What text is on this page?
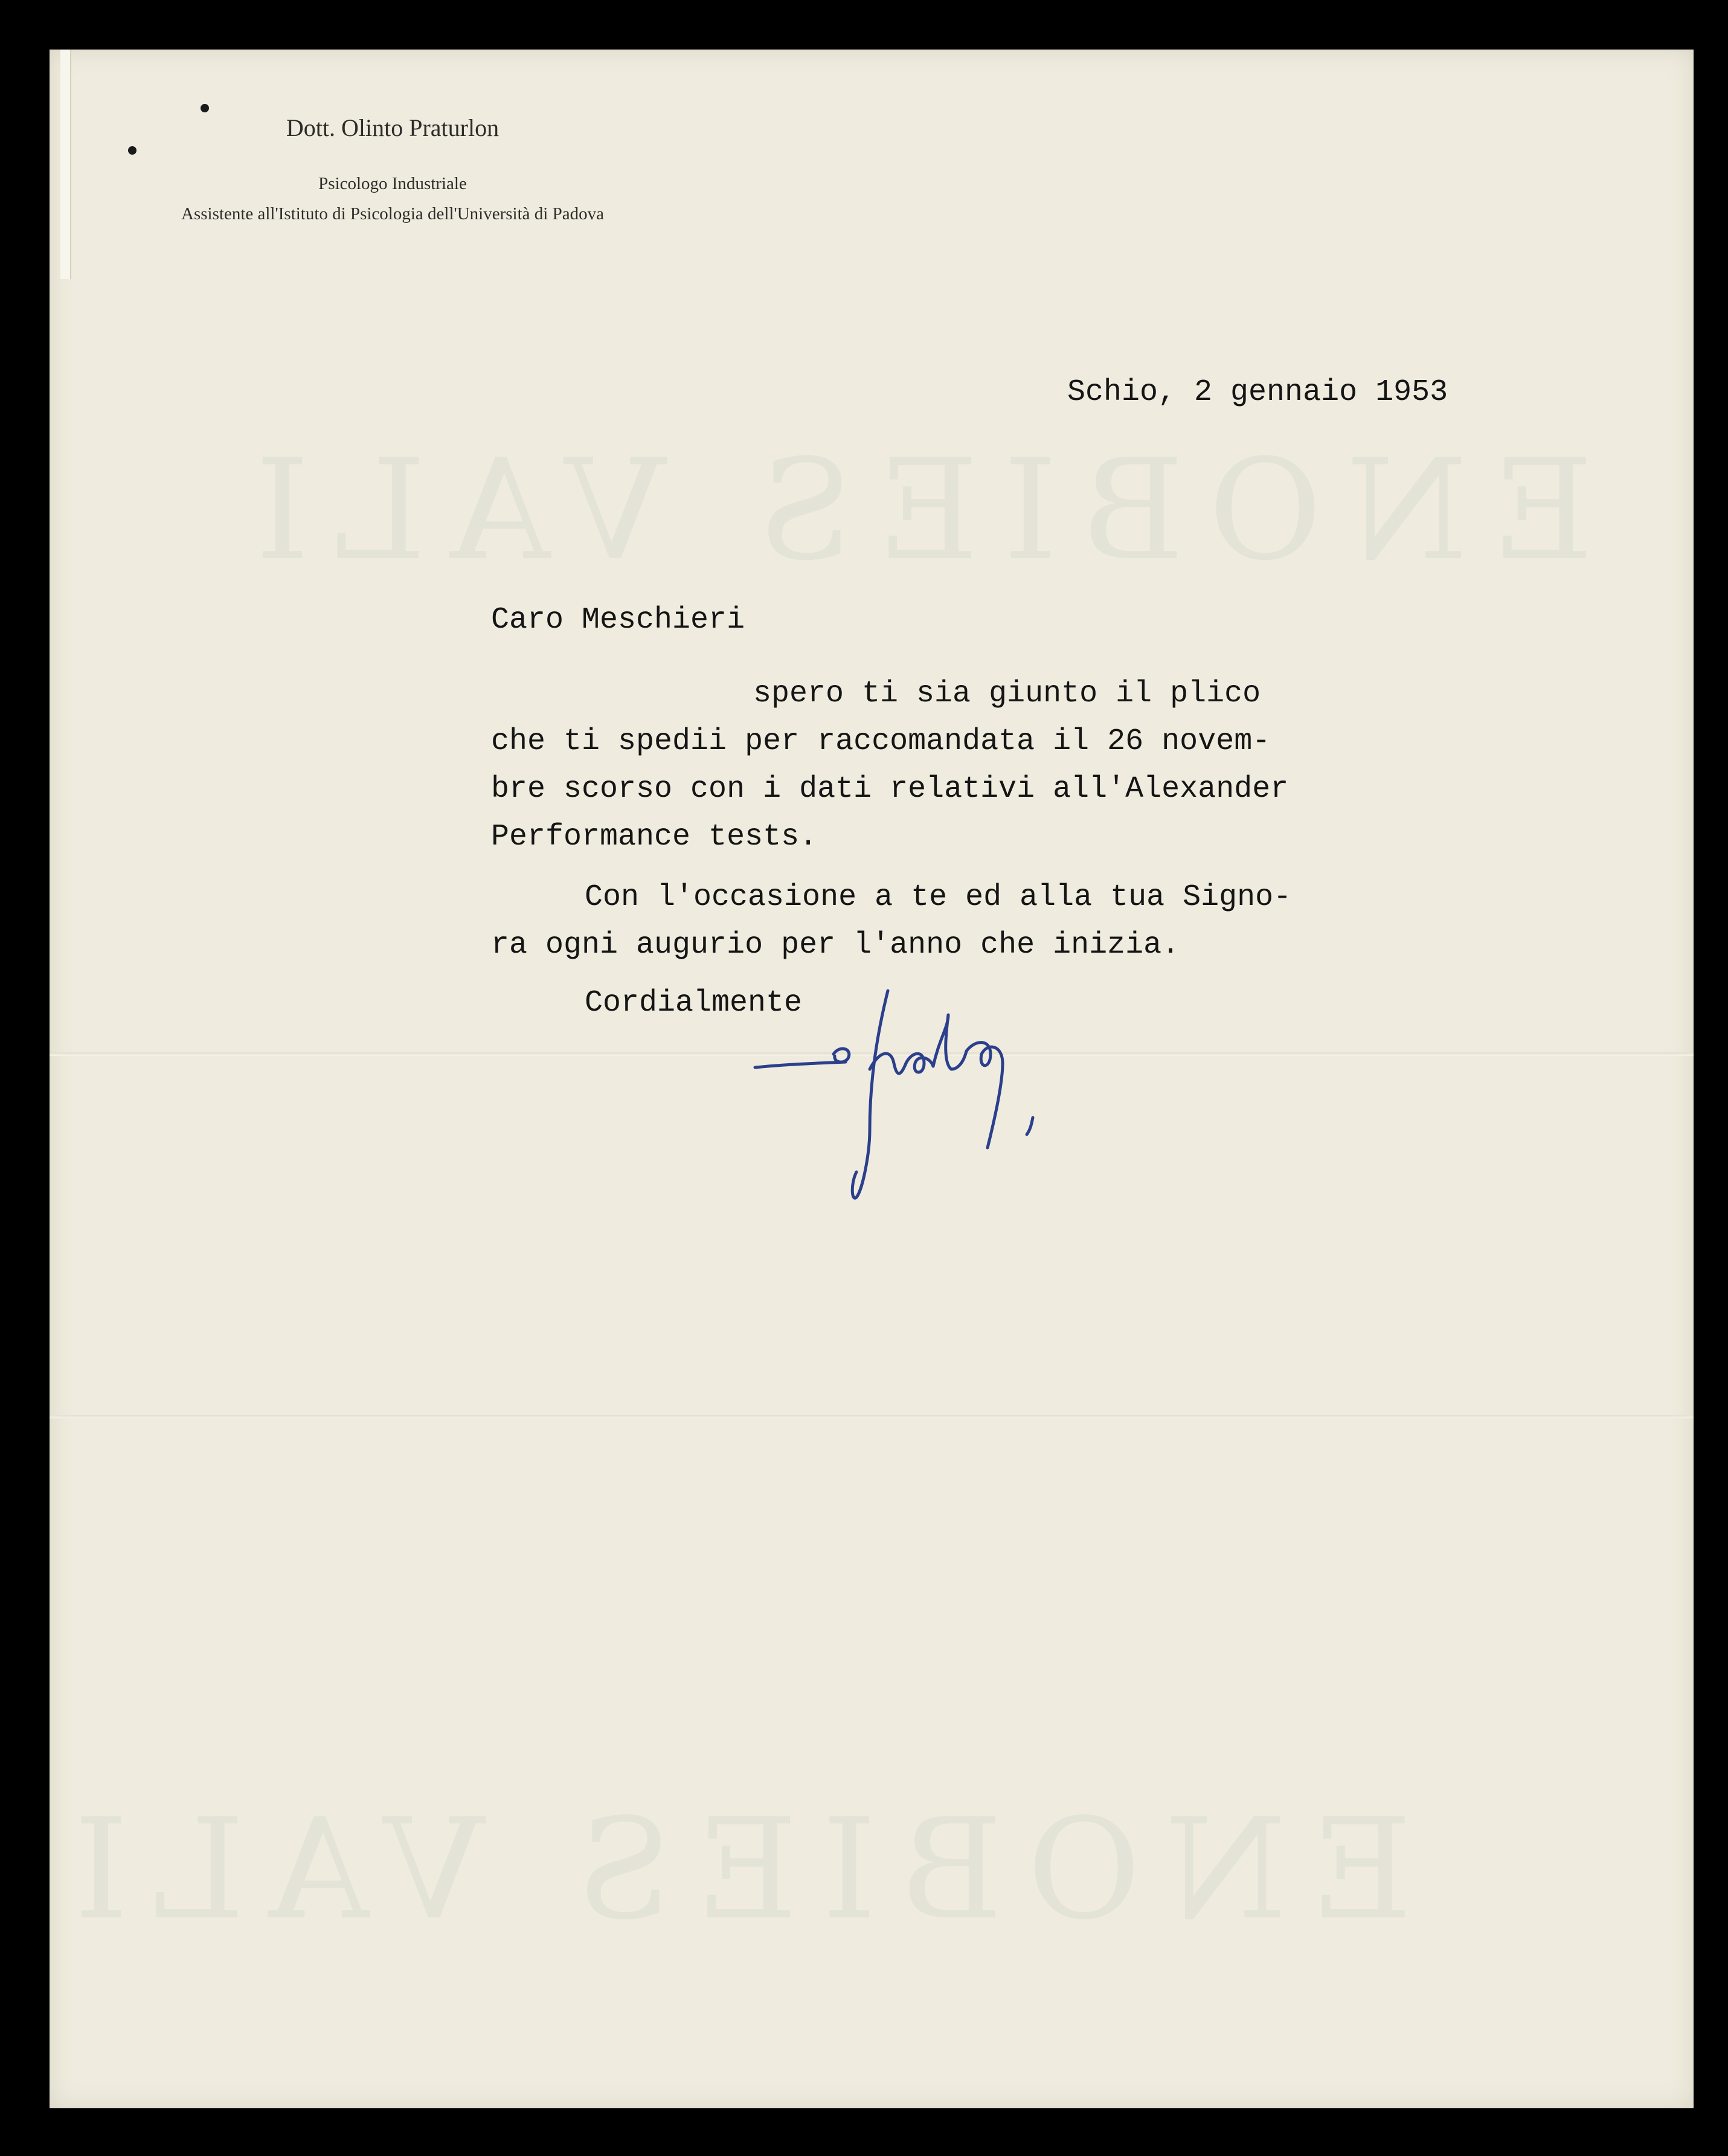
ENOBIES VALI
ENOBIES VALI
Dott. Olinto Praturlon
Psicologo Industriale
Assistente all'Istituto di Psicologia dell'Università di Padova
Schio, 2 gennaio 1953
Caro Meschieri
spero ti sia giunto il plico
che ti spedii per raccomandata il 26 novem-
bre scorso con i dati relativi all'Alexander
Performance tests.
Con l'occasione a te ed alla tua Signo-
ra ogni augurio per l'anno che inizia.
Cordialmente
